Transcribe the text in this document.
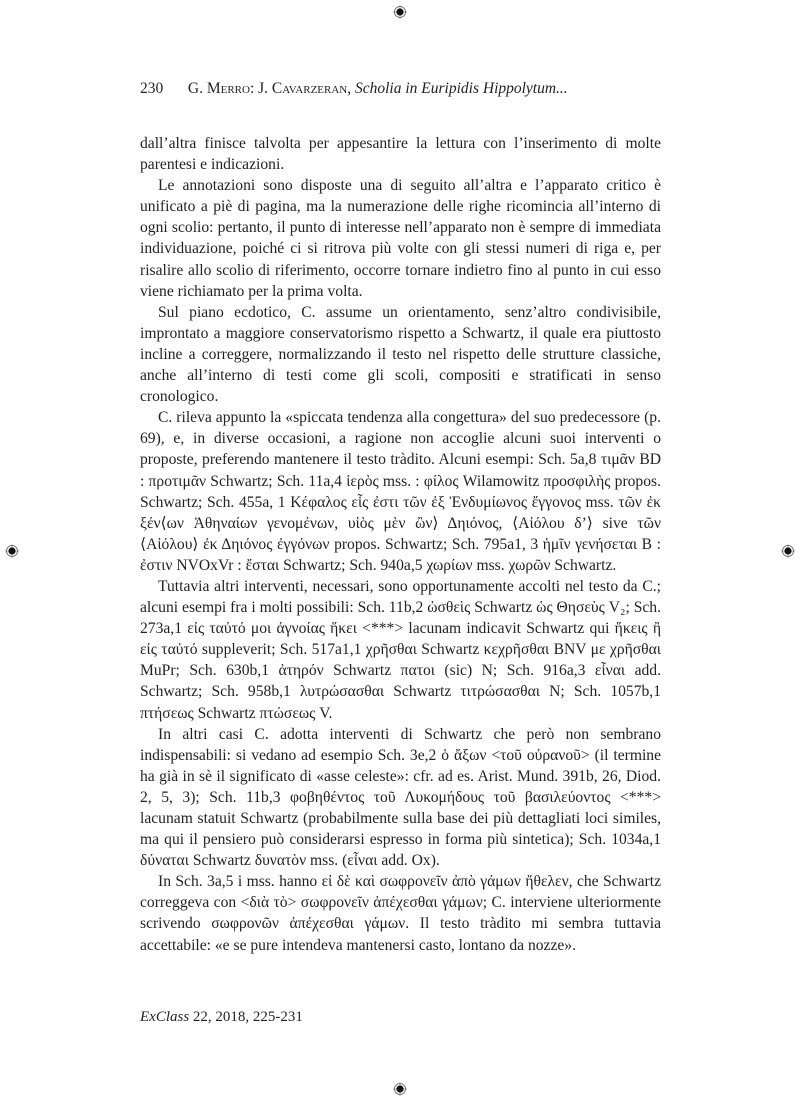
230 G. Merro: J. Cavarzeran, Scholia in Euripidis Hippolytum...

dall’altra finisce talvolta per appesantire la lettura con l’inserimento di molte parentesi e indicazioni.

Le annotazioni sono disposte una di seguito all’altra e l’apparato critico è unificato a piè di pagina, ma la numerazione delle righe ricomincia all’interno di ogni scolio: pertanto, il punto di interesse nell’apparato non è sempre di immediata individuazione, poiché ci si ritrova più volte con gli stessi numeri di riga e, per risalire allo scolio di riferimento, occorre tornare indietro fino al punto in cui esso viene richiamato per la prima volta.

Sul piano ecdotico, C. assume un orientamento, senz’altro condivisibile, improntato a maggiore conservatorismo rispetto a Schwartz, il quale era piuttosto incline a correggere, normalizzando il testo nel rispetto delle strutture classiche, anche all’interno di testi come gli scoli, compositi e stratificati in senso cronologico.

C. rileva appunto la «spiccata tendenza alla congettura» del suo predecessore (p. 69), e, in diverse occasioni, a ragione non accoglie alcuni suoi interventi o proposte, preferendo mantenere il testo tràdito. Alcuni esempi: Sch. 5a,8 τιμᾶν BD : προτιμᾶν Schwartz; Sch. 11a,4 ἱερὸς mss. : φίλος Wilamowitz προσφιλὴς propos. Schwartz; Sch. 455a, 1 Κέφαλος εἷς ἐστι τῶν ἐξ Ἐνδυμίωνος ἔγγονος mss. τῶν ἐκ ξέν⟨ων Ἀθηναίων γενομένων, υἱὸς μὲν ὢν⟩ Δηιόνος, ⟨Αἰόλου δ’⟩ sive τῶν ⟨Αἰόλου⟩ ἐκ Δηιόνος ἐγγόνων propos. Schwartz; Sch. 795a1, 3 ἡμῖν γενήσεται B : ἐστιν NVOxVr : ἔσται Schwartz; Sch. 940a,5 χωρίων mss. χωρῶν Schwartz.

Tuttavia altri interventi, necessari, sono opportunamente accolti nel testo da C.; alcuni esempi fra i molti possibili: Sch. 11b,2 ὠσθεὶς Schwartz ὡς Θησεὺς V₂; Sch. 273a,1 εἰς ταὐτό μοι ἀγνοίας ἥκει <***> lacunam indicavit Schwartz qui ἥκεις ἢ εἰς ταὐτό suppleverit; Sch. 517a1,1 χρῆσθαι Schwartz κεχρῆσθαι BNV με χρῆσθαι MuPr; Sch. 630b,1 ἀτηρόν Schwartz πατοι (sic) N; Sch. 916a,3 εἶναι add. Schwartz; Sch. 958b,1 λυτρώσασθαι Schwartz τιτρώσασθαι N; Sch. 1057b,1 πτήσεως Schwartz πτώσεως V.

In altri casi C. adotta interventi di Schwartz che però non sembrano indispensabili: si vedano ad esempio Sch. 3e,2 ὁ ἄξων <τοῦ οὐρανοῦ> (il termine ha già in sè il significato di «asse celeste»: cfr. ad es. Arist. Mund. 391b, 26, Diod. 2, 5, 3); Sch. 11b,3 φοβηθέντος τοῦ Λυκομήδους τοῦ βασιλεύοντος <***> lacunam statuit Schwartz (probabilmente sulla base dei più dettagliati loci similes, ma qui il pensiero può considerarsi espresso in forma più sintetica); Sch. 1034a,1 δύναται Schwartz δυνατὸν mss. (εἶναι add. Ox).

In Sch. 3a,5 i mss. hanno εἰ δὲ καὶ σωφρονεῖν ἀπὸ γάμων ἤθελεν, che Schwartz correggeva con <διὰ τὸ> σωφρονεῖν ἀπέχεσθαι γάμων; C. interviene ulteriormente scrivendo σωφρονῶν ἀπέχεσθαι γάμων. Il testo tràdito mi sembra tuttavia accettabile: «e se pure intendeva mantenersi casto, lontano da nozze».

ExClass 22, 2018, 225-231
